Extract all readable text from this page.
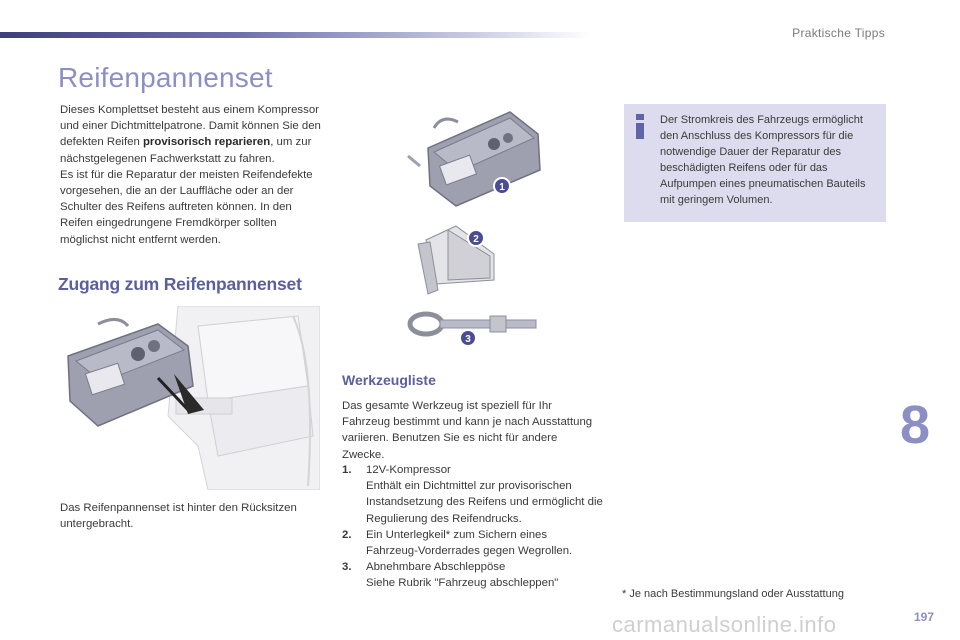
Praktische Tipps
Reifenpannenset

Dieses Komplettset besteht aus einem Kompressor und einer Dichtmittelpatrone. Damit können Sie den defekten Reifen provisorisch reparieren, um zur nächstgelegenen Fachwerkstatt zu fahren.
Es ist für die Reparatur der meisten Reifendefekte vorgesehen, die an der Lauffläche oder an der Schulter des Reifens auftreten können. In den Reifen eingedrungene Fremdkörper sollten möglichst nicht entfernt werden.

Zugang zum Reifenpannenset

Das Reifenpannenset ist hinter den Rücksitzen untergebracht.

1
2
3
Werkzeugliste

Das gesamte Werkzeug ist speziell für Ihr Fahrzeug bestimmt und kann je nach Ausstattung variieren. Benutzen Sie es nicht für andere Zwecke.

1. 12V-Kompressor
Enthält ein Dichtmittel zur provisorischen Instandsetzung des Reifens und ermöglicht die Regulierung des Reifendrucks.
2. Ein Unterlegkeil* zum Sichern eines
Fahrzeug-Vorderrades gegen Wegrollen.
3. Abnehmbare Abschleppöse
Siehe Rubrik "Fahrzeug abschleppen"

Der Stromkreis des Fahrzeugs ermöglicht den Anschluss des Kompressors für die notwendige Dauer der Reparatur des beschädigten Reifens oder für das Aufpumpen eines pneumatischen Bauteils mit geringem Volumen.

* Je nach Bestimmungsland oder Ausstattung

8
carmanualsonline.info	197
